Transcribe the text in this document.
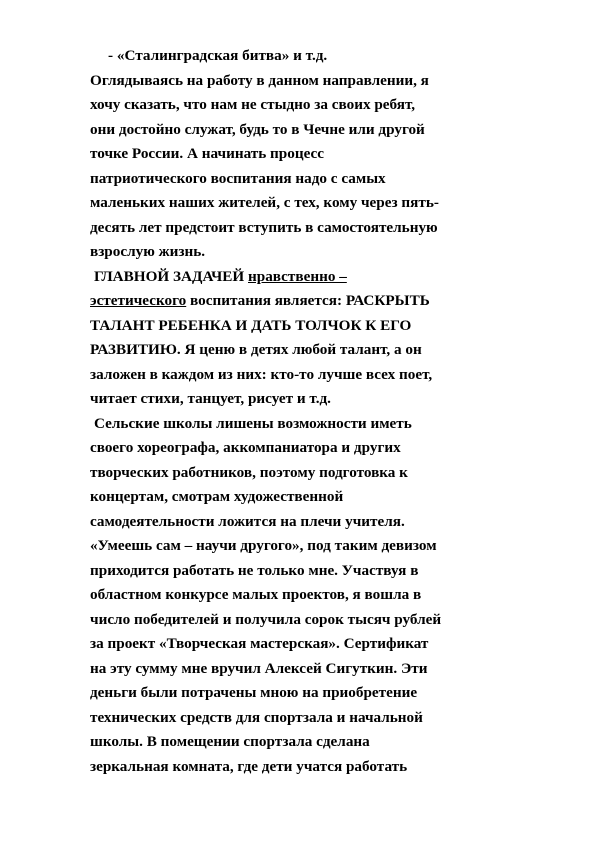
- «Сталинградская битва» и т.д.
Оглядываясь на работу в данном направлении, я
хочу сказать, что нам не стыдно за своих ребят,
они достойно служат, будь то в Чечне или другой
точке России. А начинать процесс
патриотического воспитания надо с самых
маленьких наших жителей, с тех, кому через пять-
десять лет предстоит вступить в самостоятельную
взрослую жизнь.
ГЛАВНОЙ ЗАДАЧЕЙ нравственно –
эстетического воспитания является: РАСКРЫТЬ
ТАЛАНТ РЕБЕНКА И ДАТЬ ТОЛЧОК К ЕГО
РАЗВИТИЮ. Я ценю в детях любой талант, а он
заложен в каждом из них: кто-то лучше всех поет,
читает стихи, танцует, рисует и т.д.
Сельские школы лишены возможности иметь
своего хореографа, аккомпаниатора и других
творческих работников, поэтому подготовка к
концертам, смотрам художественной
самодеятельности ложится на плечи учителя.
«Умеешь сам – научи другого», под таким девизом
приходится работать не только мне. Участвуя в
областном конкурсе малых проектов, я вошла в
число победителей и получила сорок тысяч рублей
за проект «Творческая мастерская». Сертификат
на эту сумму мне вручил Алексей Сигуткин. Эти
деньги были потрачены мною на приобретение
технических средств для спортзала и начальной
школы. В помещении спортзала сделана
зеркальная комната, где дети учатся работать
